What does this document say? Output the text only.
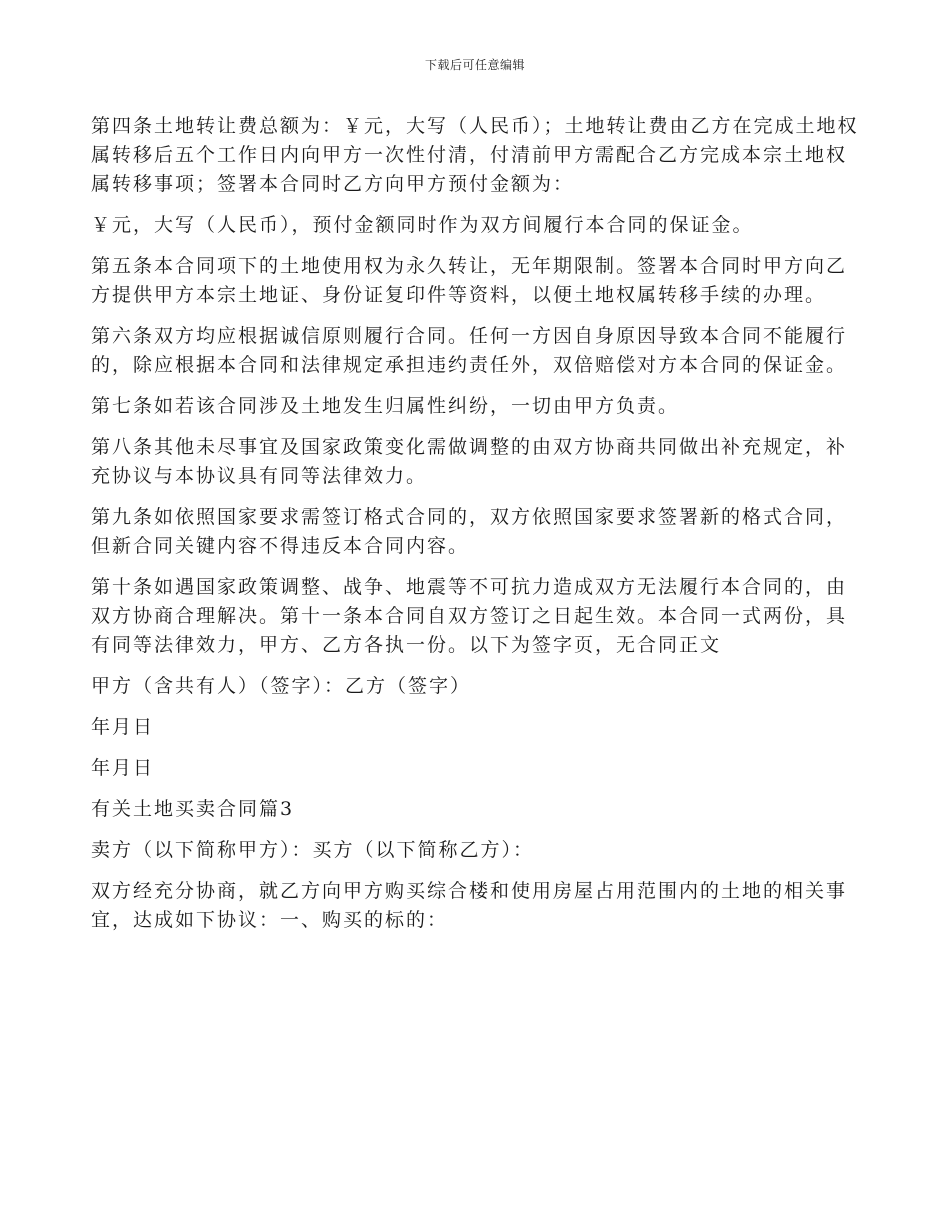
下载后可任意编辑

第四条土地转让费总额为：￥元，大写（人民币）；土地转让费由乙方在完成土地权属转移后五个工作日内向甲方一次性付清，付清前甲方需配合乙方完成本宗土地权属转移事项；签署本合同时乙方向甲方预付金额为：

￥元，大写（人民币），预付金额同时作为双方间履行本合同的保证金。

第五条本合同项下的土地使用权为永久转让，无年期限制。签署本合同时甲方向乙方提供甲方本宗土地证、身份证复印件等资料，以便土地权属转移手续的办理。

第六条双方均应根据诚信原则履行合同。任何一方因自身原因导致本合同不能履行的，除应根据本合同和法律规定承担违约责任外，双倍赔偿对方本合同的保证金。

第七条如若该合同涉及土地发生归属性纠纷，一切由甲方负责。

第八条其他未尽事宜及国家政策变化需做调整的由双方协商共同做出补充规定，补充协议与本协议具有同等法律效力。

第九条如依照国家要求需签订格式合同的，双方依照国家要求签署新的格式合同，但新合同关键内容不得违反本合同内容。

第十条如遇国家政策调整、战争、地震等不可抗力造成双方无法履行本合同的，由双方协商合理解决。第十一条本合同自双方签订之日起生效。本合同一式两份，具有同等法律效力，甲方、乙方各执一份。以下为签字页，无合同正文

甲方（含共有人）（签字）：乙方（签字）

年月日

年月日

有关土地买卖合同篇3

卖方（以下简称甲方）：买方（以下简称乙方）：

双方经充分协商，就乙方向甲方购买综合楼和使用房屋占用范围内的土地的相关事宜，达成如下协议：一、购买的标的：
